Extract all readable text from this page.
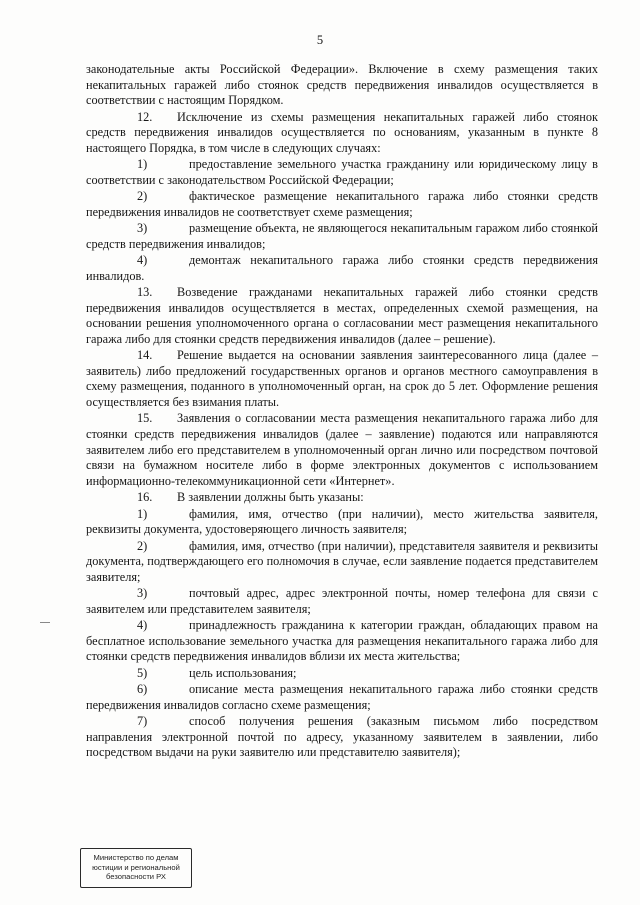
5
законодательные акты Российской Федерации». Включение в схему размещения таких некапитальных гаражей либо стоянок средств передвижения инвалидов осуществляется в соответствии с настоящим Порядком.
12. Исключение из схемы размещения некапитальных гаражей либо стоянок средств передвижения инвалидов осуществляется по основаниям, указанным в пункте 8 настоящего Порядка, в том числе в следующих случаях:
1)	предоставление земельного участка гражданину или юридическому лицу в соответствии с законодательством Российской Федерации;
2)	фактическое размещение некапитального гаража либо стоянки средств передвижения инвалидов не соответствует схеме размещения;
3)	размещение объекта, не являющегося некапитальным гаражом либо стоянкой средств передвижения инвалидов;
4)	демонтаж некапитального гаража либо стоянки средств передвижения инвалидов.
13. Возведение гражданами некапитальных гаражей либо стоянки средств передвижения инвалидов осуществляется в местах, определенных схемой размещения, на основании решения уполномоченного органа о согласовании мест размещения некапитального гаража либо для стоянки средств передвижения инвалидов (далее – решение).
14. Решение выдается на основании заявления заинтересованного лица (далее – заявитель) либо предложений государственных органов и органов местного самоуправления в схему размещения, поданного в уполномоченный орган, на срок до 5 лет. Оформление решения осуществляется без взимания платы.
15. Заявления о согласовании места размещения некапитального гаража либо для стоянки средств передвижения инвалидов (далее – заявление) подаются или направляются заявителем либо его представителем в уполномоченный орган лично или посредством почтовой связи на бумажном носителе либо в форме электронных документов с использованием информационно-телекоммуникационной сети «Интернет».
16. В заявлении должны быть указаны:
1)	фамилия, имя, отчество (при наличии), место жительства заявителя, реквизиты документа, удостоверяющего личность заявителя;
2)	фамилия, имя, отчество (при наличии), представителя заявителя и реквизиты документа, подтверждающего его полномочия в случае, если заявление подается представителем заявителя;
3)	почтовый адрес, адрес электронной почты, номер телефона для связи с заявителем или представителем заявителя;
4)	принадлежность гражданина к категории граждан, обладающих правом на бесплатное использование земельного участка для размещения некапитального гаража либо для стоянки средств передвижения инвалидов вблизи их места жительства;
5)	цель использования;
6)	описание места размещения некапитального гаража либо стоянки средств передвижения инвалидов согласно схеме размещения;
7)	способ получения решения (заказным письмом либо посредством направления электронной почтой по адресу, указанному заявителем в заявлении, либо посредством выдачи на руки заявителю или представителю заявителя);
Министерство по делам
юстиции и региональной
безопасности РХ
